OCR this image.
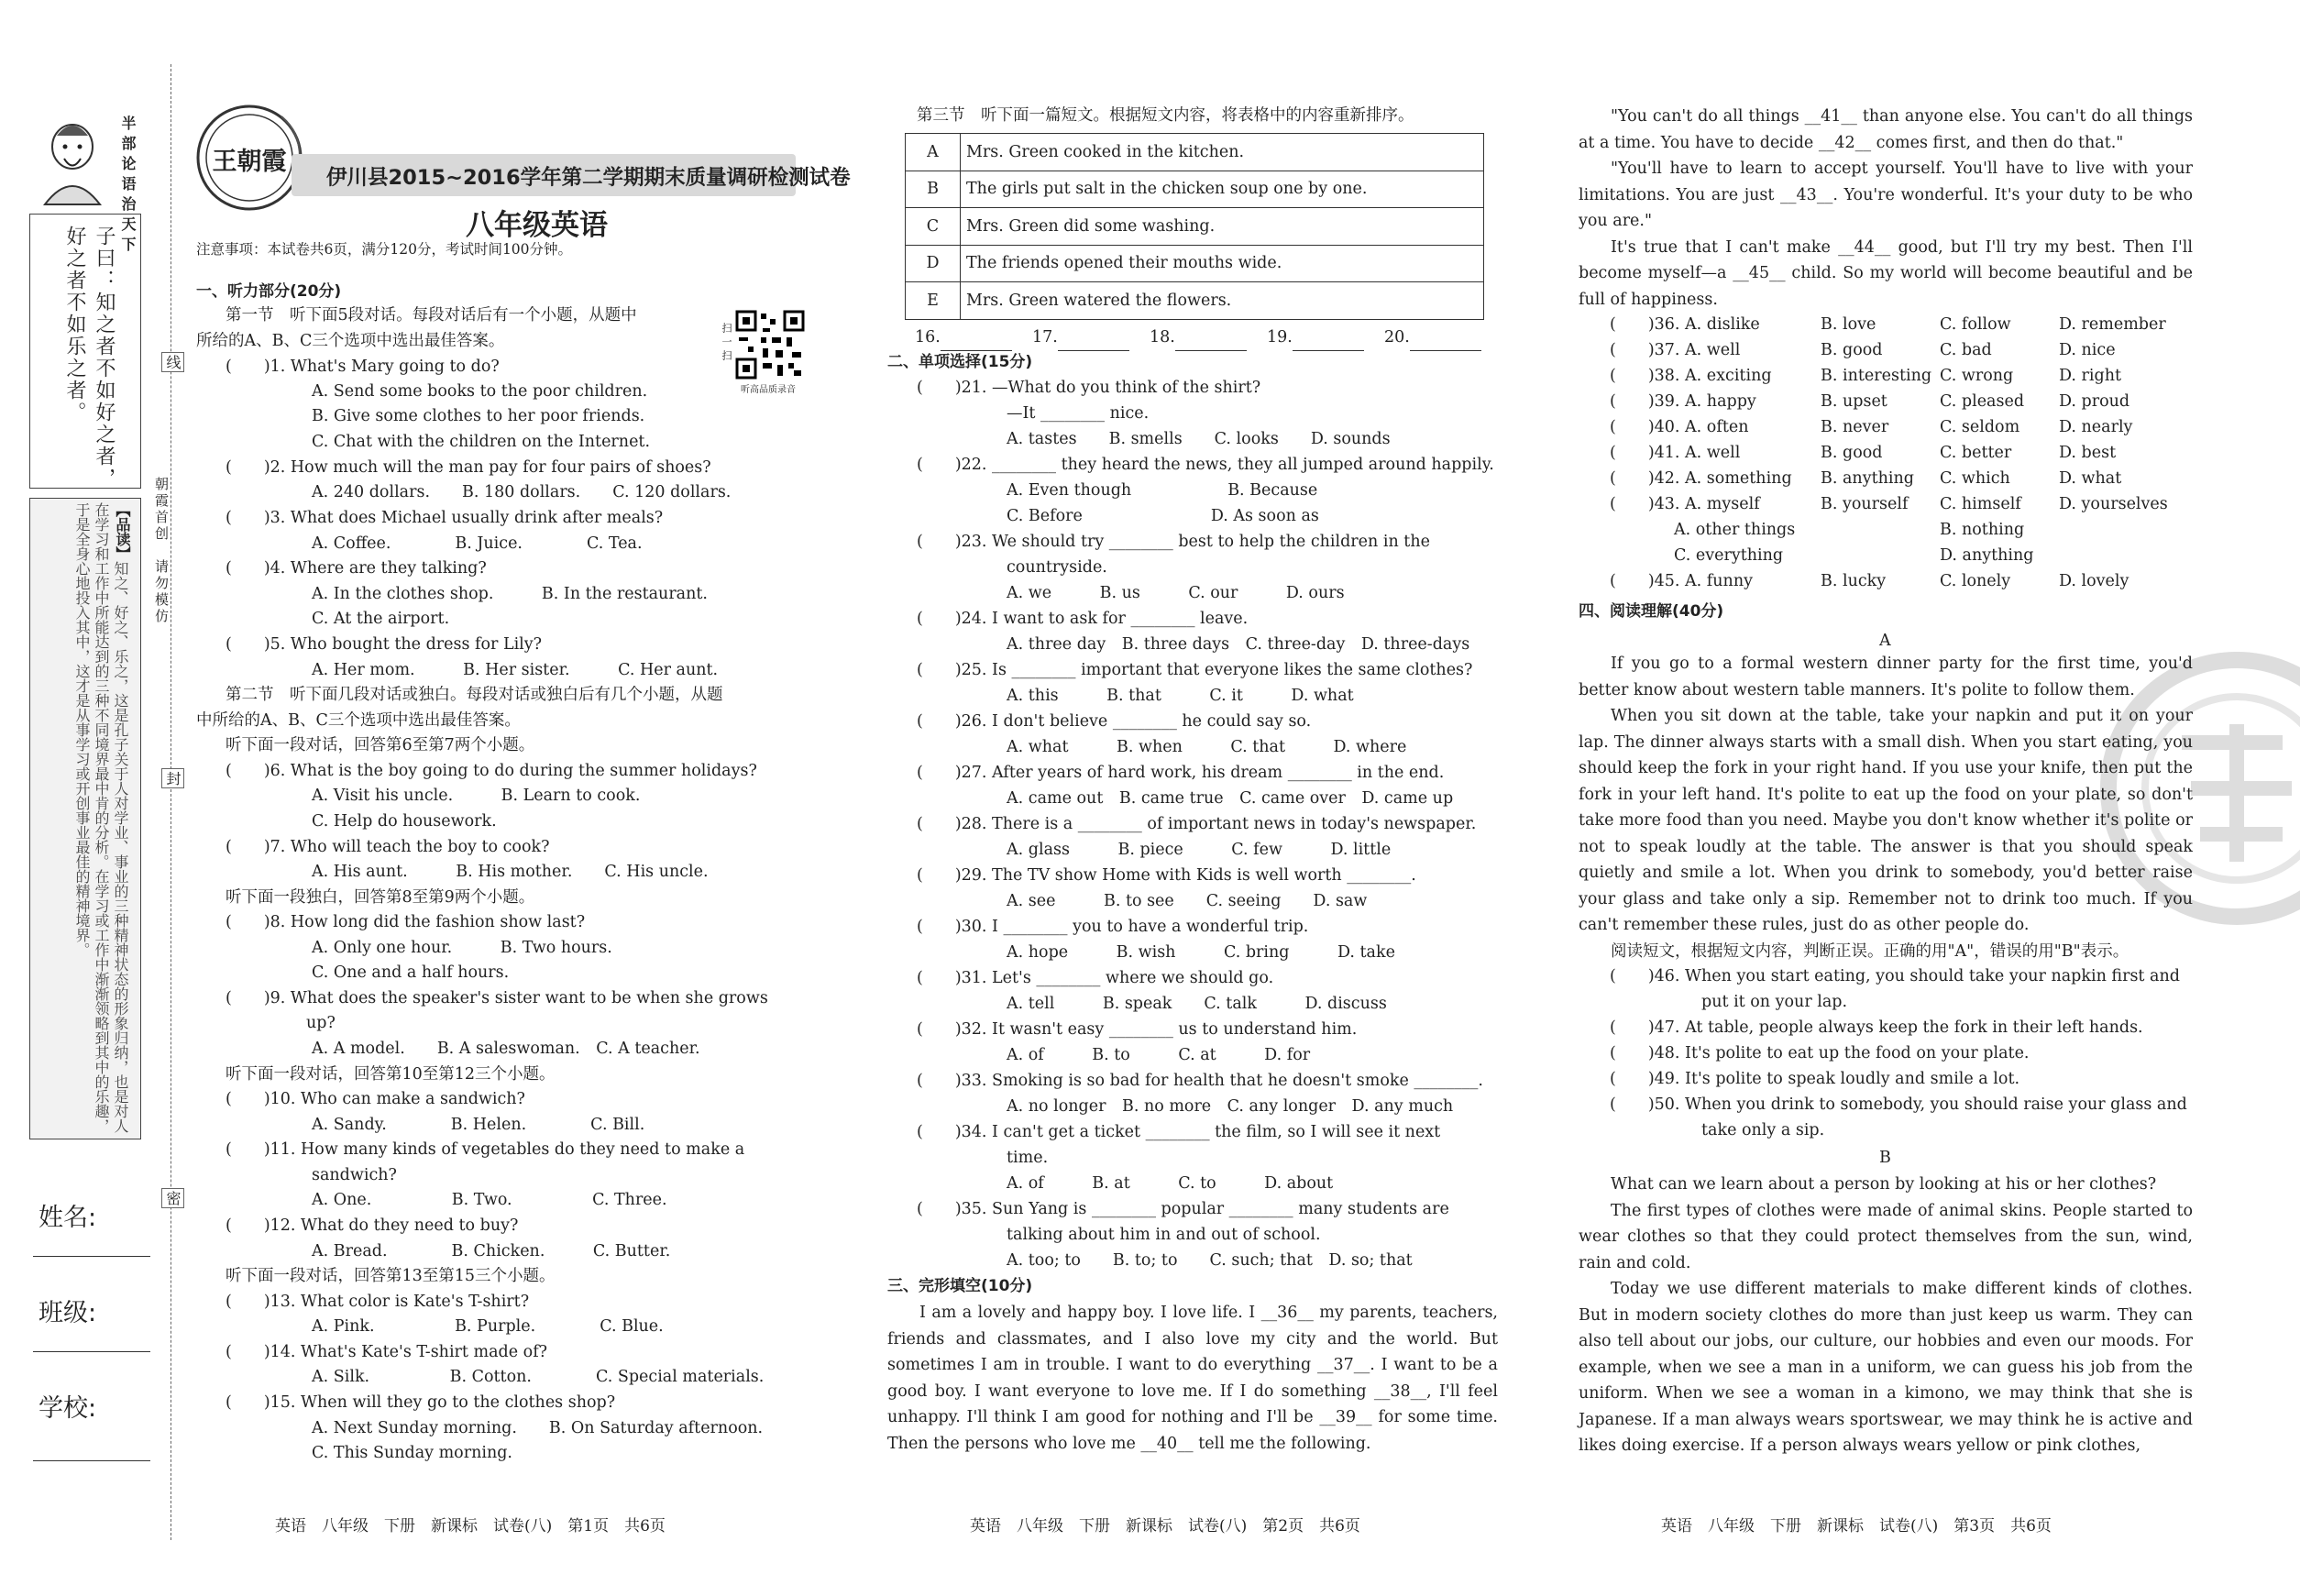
半部论语治天下
子曰：知之者不如好之者，
好之者不如乐之者。
【品读】
知之、好之、乐之，这是孔子关于人对学业、事业的三种精神状态的形象归纳，也是对人在学习和工作中所能达到的三种不同境界最中肯的分析。在学习或工作中渐渐领略到其中的乐趣，于是全身心地投入其中，这才是从事学习或开创事业最佳的精神境界。
姓名:
班级:
学校:
朝霞首创　请勿模仿
线
封
密
王朝霞
伊川县2015~2016学年第二学期期末质量调研检测试卷
八年级英语
注意事项：本试卷共6页，满分120分，考试时间100分钟。
扫一扫
听高品质录音
一、听力部分(20分)
第一节　听下面5段对话。每段对话后有一个小题，从题中
所给的A、B、C三个选项中选出最佳答案。
(　　)1. What's Mary going to do?
A. Send some books to the poor children.
B. Give some clothes to her poor friends.
C. Chat with the children on the Internet.
(　　)2. How much will the man pay for four pairs of shoes?
A. 240 dollars.　　B. 180 dollars.　　C. 120 dollars.
(　　)3. What does Michael usually drink after meals?
A. Coffee.　　　　B. Juice.　　　　C. Tea.
(　　)4. Where are they talking?
A. In the clothes shop.　　　B. In the restaurant.
C. At the airport.
(　　)5. Who bought the dress for Lily?
A. Her mom.　　　B. Her sister.　　　C. Her aunt.
第二节　听下面几段对话或独白。每段对话或独白后有几个小题，从题
中所给的A、B、C三个选项中选出最佳答案。
听下面一段对话，回答第6至第7两个小题。
(　　)6. What is the boy going to do during the summer holidays?
A. Visit his uncle.　　　B. Learn to cook.
C. Help do housework.
(　　)7. Who will teach the boy to cook?
A. His aunt.　　　B. His mother.　　C. His uncle.
听下面一段独白，回答第8至第9两个小题。
(　　)8. How long did the fashion show last?
A. Only one hour.　　　B. Two hours.
C. One and a half hours.
(　　)9. What does the speaker's sister want to be when she grows
up?
A. A model.　　B. A saleswoman.　C. A teacher.
听下面一段对话，回答第10至第12三个小题。
(　　)10. Who can make a sandwich?
A. Sandy.　　　　B. Helen.　　　　C. Bill.
(　　)11. How many kinds of vegetables do they need to make a
sandwich?
A. One.　　　　　B. Two.　　　　　C. Three.
(　　)12. What do they need to buy?
A. Bread.　　　　B. Chicken.　　　C. Butter.
听下面一段对话，回答第13至第15三个小题。
(　　)13. What color is Kate's T-shirt?
A. Pink.　　　　　B. Purple.　　　　C. Blue.
(　　)14. What's Kate's T-shirt made of?
A. Silk.　　　　　B. Cotton.　　　　C. Special materials.
(　　)15. When will they go to the clothes shop?
A. Next Sunday morning.　　B. On Saturday afternoon.
C. This Sunday morning.
第三节　听下面一篇短文。根据短文内容，将表格中的内容重新排序。
A	Mrs. Green cooked in the kitchen.
B	The girls put salt in the chicken soup one by one.
C	Mrs. Green did some washing.
D	The friends opened their mouths wide.
E	Mrs. Green watered the flowers.
16.	17.	18.	19.	20.
二、单项选择(15分)
(　　)21. —What do you think of the shirt?
—It ________ nice.
A. tastes　　B. smells　　C. looks　　D. sounds
(　　)22. ________ they heard the news, they all jumped around happily.
A. Even though　　　　　　B. Because
C. Before　　　　　　　　D. As soon as
(　　)23. We should try ________ best to help the children in the
countryside.
A. we　　　B. us　　　C. our　　　D. ours
(　　)24. I want to ask for ________ leave.
A. three day　B. three days　C. three-day　D. three-days
(　　)25. Is ________ important that everyone likes the same clothes?
A. this　　　B. that　　　C. it　　　D. what
(　　)26. I don't believe ________ he could say so.
A. what　　　B. when　　　C. that　　　D. where
(　　)27. After years of hard work, his dream ________ in the end.
A. came out　B. came true　C. came over　D. came up
(　　)28. There is a ________ of important news in today's newspaper.
A. glass　　　B. piece　　　C. few　　　D. little
(　　)29. The TV show Home with Kids is well worth ________.
A. see　　　B. to see　　C. seeing　　D. saw
(　　)30. I ________ you to have a wonderful trip.
A. hope　　　B. wish　　　C. bring　　　D. take
(　　)31. Let's ________ where we should go.
A. tell　　　B. speak　　C. talk　　　D. discuss
(　　)32. It wasn't easy ________ us to understand him.
A. of　　　B. to　　　C. at　　　D. for
(　　)33. Smoking is so bad for health that he doesn't smoke ________.
A. no longer　B. no more　C. any longer　D. any much
(　　)34. I can't get a ticket ________ the film, so I will see it next
time.
A. of　　　B. at　　　C. to　　　D. about
(　　)35. Sun Yang is ________ popular ________ many students are
talking about him in and out of school.
A. too; to　　B. to; to　　C. such; that　D. so; that
三、完形填空(10分)

I am a lovely and happy boy. I love life. I __36__ my parents, teachers, friends and classmates, and I also love my city and the world. But sometimes I am in trouble. I want to do everything __37__. I want to be a good boy. I want everyone to love me. If I do something __38__, I'll feel unhappy. I'll think I am good for nothing and I'll be __39__ for some time. Then the persons who love me __40__ tell me the following.

"You can't do all things __41__ than anyone else. You can't do all things at a time. You have to decide __42__ comes first, and then do that."

"You'll have to learn to accept yourself. You'll have to live with your limitations. You are just __43__. You're wonderful. It's your duty to be who you are."

It's true that I can't make __44__ good, but I'll try my best. Then I'll become myself—a __45__ child. So my world will become beautiful and be full of happiness.

(　　)36. A. dislike	B. love	C. follow	D. remember
(　　)37. A. well	B. good	C. bad	D. nice
(　　)38. A. exciting	B. interesting C. wrong	D. right
(　　)39. A. happy	B. upset	C. pleased D. proud
(　　)40. A. often	B. never	C. seldom D. nearly
(　　)41. A. well	B. good	C. better	D. best
(　　)42. A. something B. anything C. which	D. what
(　　)43. A. myself	B. yourself C. himself D. yourselves
　　　　A. other things	B. nothing
　　　　C. everything	D. anything
(　　)45. A. funny	B. lucky	C. lonely	D. lovely
四、阅读理解(40分)
A

If you go to a formal western dinner party for the first time, you'd better know about western table manners. It's polite to follow them.

When you sit down at the table, take your napkin and put it on your lap. The dinner always starts with a small dish. When you start eating, you should keep the fork in your right hand. If you use your knife, then put the fork in your left hand. It's polite to eat up the food on your plate, so don't take more food than you need. Maybe you don't know whether it's polite or not to speak loudly at the table. The answer is that you should speak quietly and smile a lot. When you drink to somebody, you'd better raise your glass and take only a sip. Remember not to drink too much. If you can't remember these rules, just do as other people do.

阅读短文，根据短文内容，判断正误。正确的用"A"，错误的用"B"表示。

(　　)46. When you start eating, you should take your napkin first and
put it on your lap.
(　　)47. At table, people always keep the fork in their left hands.
(　　)48. It's polite to eat up the food on your plate.
(　　)49. It's polite to speak loudly and smile a lot.
(　　)50. When you drink to somebody, you should raise your glass and
take only a sip.
B

What can we learn about a person by looking at his or her clothes?

The first types of clothes were made of animal skins. People started to wear clothes so that they could protect themselves from the sun, wind, rain and cold.

Today we use different materials to make different kinds of clothes. But in modern society clothes do more than just keep us warm. They can also tell about our jobs, our culture, our hobbies and even our moods. For example, when we see a man in a uniform, we can guess his job from the uniform. When we see a woman in a kimono, we may think that she is Japanese. If a man always wears sportswear, we may think he is active and likes doing exercise. If a person always wears yellow or pink clothes,

英语　八年级　下册　新课标　试卷(八)　第1页　共6页	英语　八年级　下册　新课标　试卷(八)　第2页　共6页	英语　八年级　下册　新课标　试卷(八)　第3页　共6页
